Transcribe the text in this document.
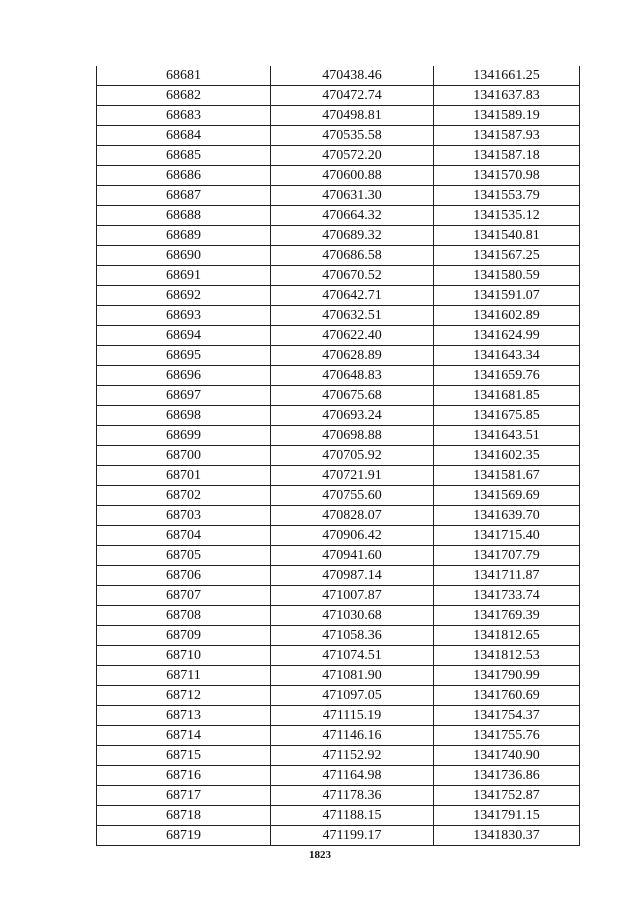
68681	470438.46	1341661.25
68682	470472.74	1341637.83
68683	470498.81	1341589.19
68684	470535.58	1341587.93
68685	470572.20	1341587.18
68686	470600.88	1341570.98
68687	470631.30	1341553.79
68688	470664.32	1341535.12
68689	470689.32	1341540.81
68690	470686.58	1341567.25
68691	470670.52	1341580.59
68692	470642.71	1341591.07
68693	470632.51	1341602.89
68694	470622.40	1341624.99
68695	470628.89	1341643.34
68696	470648.83	1341659.76
68697	470675.68	1341681.85
68698	470693.24	1341675.85
68699	470698.88	1341643.51
68700	470705.92	1341602.35
68701	470721.91	1341581.67
68702	470755.60	1341569.69
68703	470828.07	1341639.70
68704	470906.42	1341715.40
68705	470941.60	1341707.79
68706	470987.14	1341711.87
68707	471007.87	1341733.74
68708	471030.68	1341769.39
68709	471058.36	1341812.65
68710	471074.51	1341812.53
68711	471081.90	1341790.99
68712	471097.05	1341760.69
68713	471115.19	1341754.37
68714	471146.16	1341755.76
68715	471152.92	1341740.90
68716	471164.98	1341736.86
68717	471178.36	1341752.87
68718	471188.15	1341791.15
68719	471199.17	1341830.37
1823
